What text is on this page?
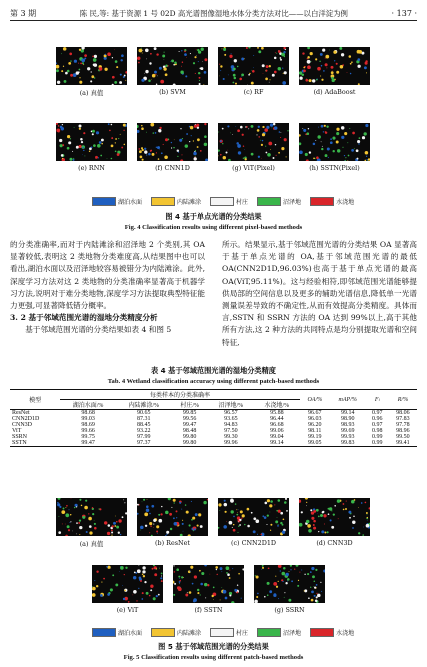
第 3 期	陈 民,等: 基于资源 1 号 02D 高光谱图像湿地水体分类方法对比——以白洋淀为例	· 137 ·
(a) 真值	(b) SVM	(c) RF	(d) AdaBoost
(e) RNN	(f) CNN1D	(g) ViT(Pixel)	(h) SSTN(Pixel)
湖泊水面	内陆滩涂	村庄	沼泽地	水浇地
图 4 基于单点光谱的分类结果
Fig. 4 Classification results using different pixel-based methods

的分类准确率,而对于内陆滩涂和沼泽地 2 个类别,其 OA 显著较低,表明这 2 类地物分类难度高,从结果图中也可以看出,湖泊水面以及沼泽地较容易被错分为内陆滩涂。此外,深度学习方法对这 2 类地物的分类准确率显著高于机器学习方法,说明对于难分类地物,深度学习方法提取典型特征能力更强,可显著降低错分概率。

3. 2 基于邻域范围光谱的湿地分类精度分析

基于邻域范围光谱的分类结果如表 4 和图 5

所示。结果显示,基于邻域范围光谱的分类结果 OA 显著高于基于单点光谱的 OA,基于邻域范围光谱的最低 OA(CNN2D1D,96.03%)也高于基于单点光谱的最高 OA(ViT,95.11%)。这与经验相符,即邻域范围光谱能够提供局部的空间信息以及更多的辅助光谱信息,降低单一光谱测量误差导致的不确定性,从而有效提高分类精度。具体而言,SSTN 和 SSRN 方法的 OA 达到 99%以上,高于其他所有方法,这 2 种方法的共同特点是均分别提取光谱和空间特征,

表 4 基于邻域范围光谱的湿地分类精度
Tab. 4 Wetland classification accuracy using different patch-based methods
模型	每类样本的分类准确率					OA/%	mAP/%	Fₗ	R/%
	湖泊水面/%	内陆滩涂/%	村庄/%	沼泽地/%	水浇地/%				
ResNet	98.68	90.65	99.85	96.57	95.88	96.67	99.14	0.97	98.06
CNN2D1D	99.03	87.31	99.56	93.65	96.44	96.03	98.90	0.96	97.83
CNN3D	98.69	88.45	99.47	94.83	96.68	96.20	98.93	0.97	97.78
ViT	99.66	93.22	98.48	97.50	99.06	98.11	99.69	0.98	98.96
SSRN	99.75	97.99	99.80	99.30	99.04	99.19	99.93	0.99	99.50
SSTN	99.47	97.37	99.80	99.96	99.14	99.05	99.83	0.99	99.41
(a) 真值	(b) ResNet	(c) CNN2D1D	(d) CNN3D
(e) ViT	(f) SSTN	(g) SSRN
湖泊水面	内陆滩涂	村庄	沼泽地	水浇地
图 5 基于邻域范围光谱的分类结果
Fig. 5 Classification results using different patch-based methods
